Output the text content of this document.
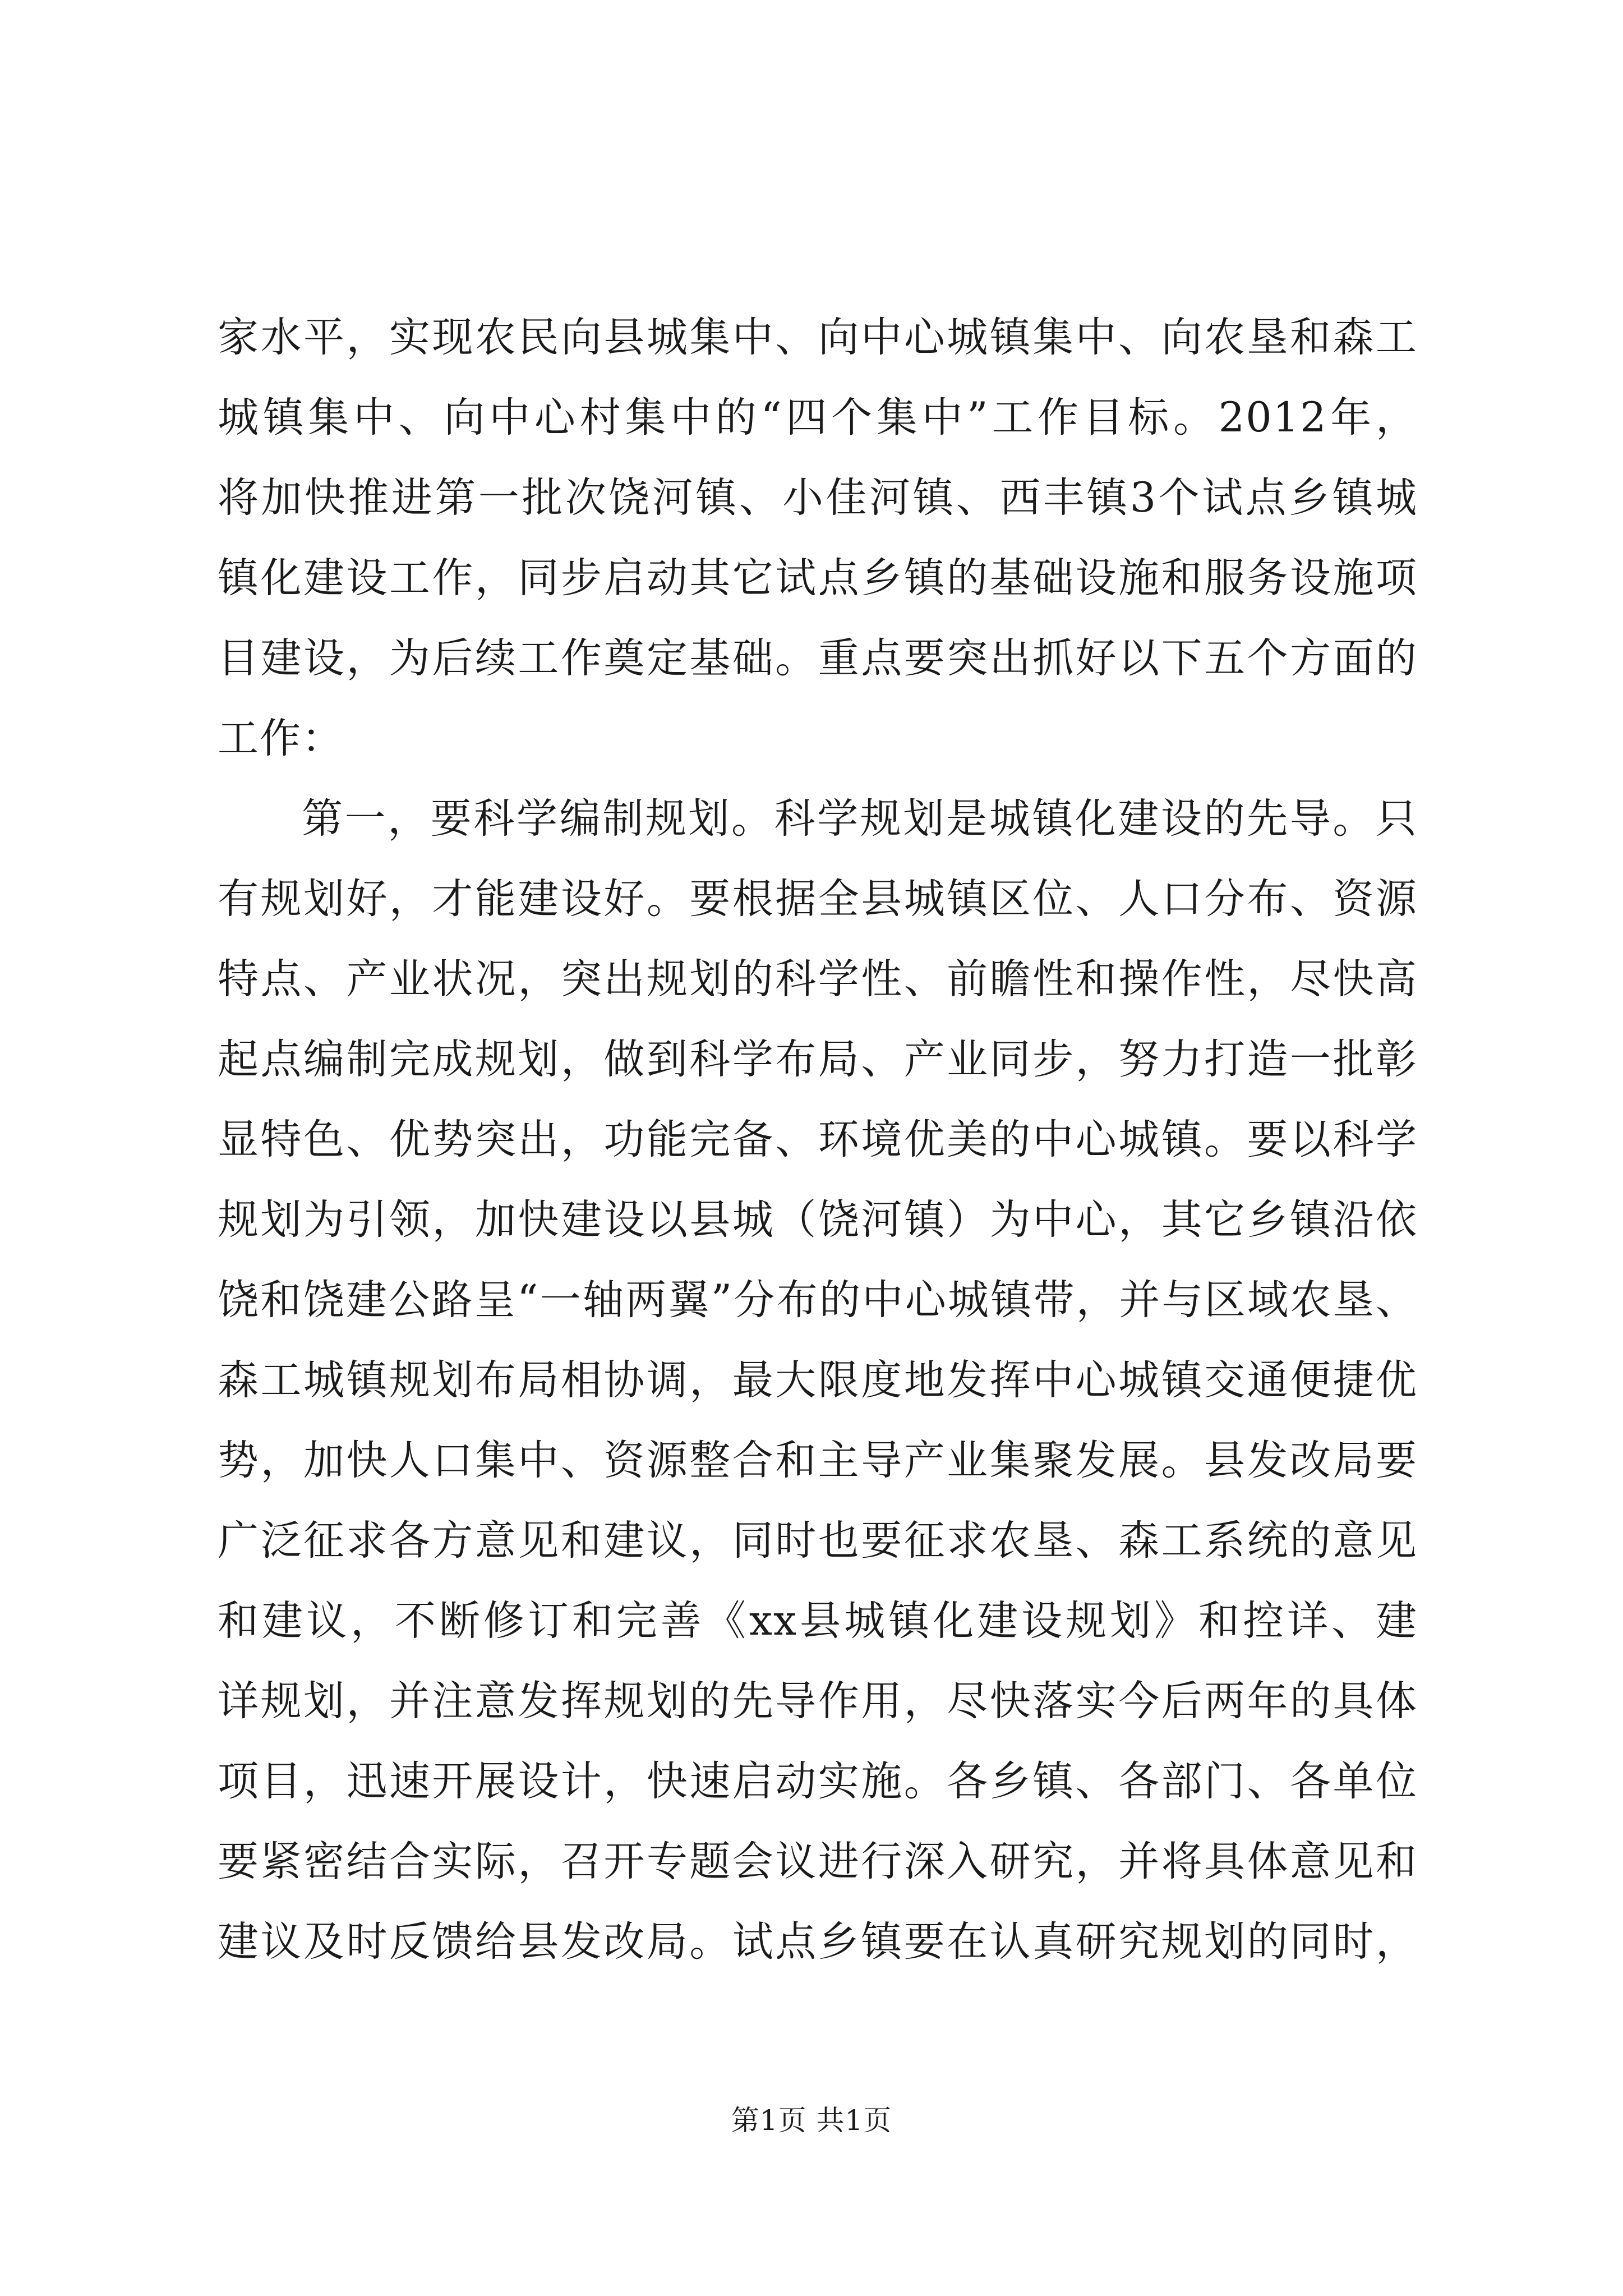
家水平，实现农民向县城集中、向中心城镇集中、向农垦和森工
城镇集中、向中心村集中的“四个集中”工作目标。2012年，
将加快推进第一批次饶河镇、小佳河镇、西丰镇3个试点乡镇城
镇化建设工作，同步启动其它试点乡镇的基础设施和服务设施项
目建设，为后续工作奠定基础。重点要突出抓好以下五个方面的
工作：
第一，要科学编制规划。科学规划是城镇化建设的先导。只
有规划好，才能建设好。要根据全县城镇区位、人口分布、资源
特点、产业状况，突出规划的科学性、前瞻性和操作性，尽快高
起点编制完成规划，做到科学布局、产业同步，努力打造一批彰
显特色、优势突出，功能完备、环境优美的中心城镇。要以科学
规划为引领，加快建设以县城（饶河镇）为中心，其它乡镇沿依
饶和饶建公路呈“一轴两翼”分布的中心城镇带，并与区域农垦、
森工城镇规划布局相协调，最大限度地发挥中心城镇交通便捷优
势，加快人口集中、资源整合和主导产业集聚发展。县发改局要
广泛征求各方意见和建议，同时也要征求农垦、森工系统的意见
和建议，不断修订和完善《xx县城镇化建设规划》和控详、建
详规划，并注意发挥规划的先导作用，尽快落实今后两年的具体
项目，迅速开展设计，快速启动实施。各乡镇、各部门、各单位
要紧密结合实际，召开专题会议进行深入研究，并将具体意见和
建议及时反馈给县发改局。试点乡镇要在认真研究规划的同时，
第1页 共1页
